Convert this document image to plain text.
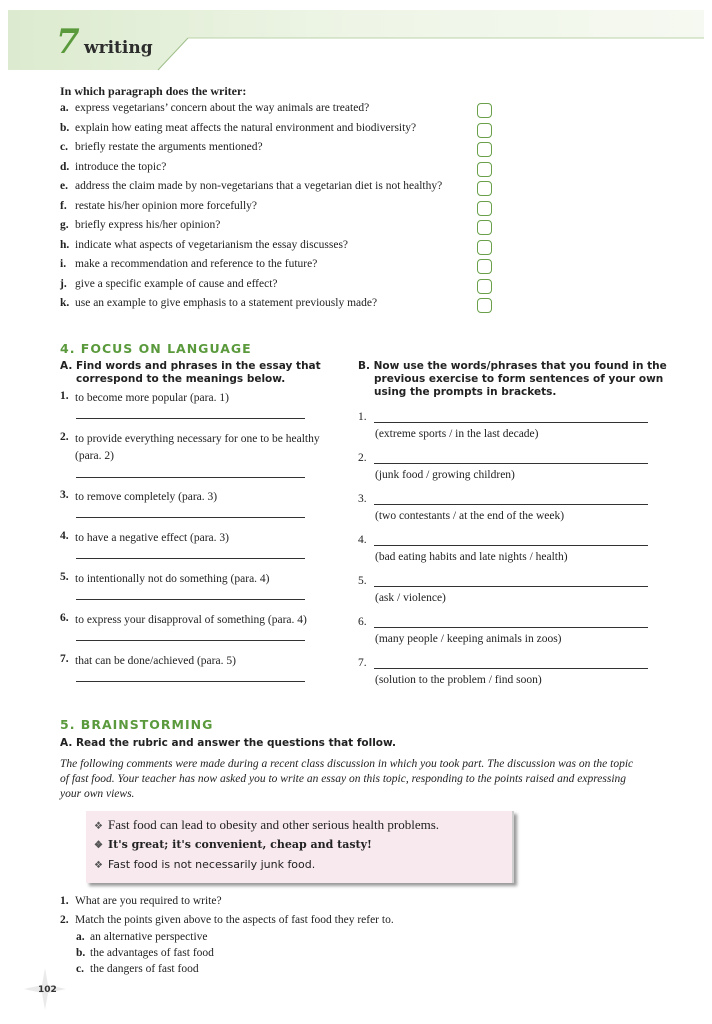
7 writing
In which paragraph does the writer:
a. express vegetarians’ concern about the way animals are treated?
b. explain how eating meat affects the natural environment and biodiversity?
c. briefly restate the arguments mentioned?
d. introduce the topic?
e. address the claim made by non-vegetarians that a vegetarian diet is not healthy?
f. restate his/her opinion more forcefully?
g. briefly express his/her opinion?
h. indicate what aspects of vegetarianism the essay discusses?
i. make a recommendation and reference to the future?
j. give a specific example of cause and effect?
k. use an example to give emphasis to a statement previously made?
4. FOCUS ON LANGUAGE
A. Find words and phrases in the essay that
correspond to the meanings below.
1. to become more popular (para. 1)
2. to provide everything necessary for one to be healthy (para. 2)
3. to remove completely (para. 3)
4. to have a negative effect (para. 3)
5. to intentionally not do something (para. 4)
6. to express your disapproval of something (para. 4)
7. that can be done/achieved (para. 5)
B. Now use the words/phrases that you found in the
previous exercise to form sentences of your own
using the prompts in brackets.
1.
(extreme sports / in the last decade)
2.
(junk food / growing children)
3.
(two contestants / at the end of the week)
4.
(bad eating habits and late nights / health)
5.
(ask / violence)
6.
(many people / keeping animals in zoos)
7.
(solution to the problem / find soon)
5. BRAINSTORMING
A. Read the rubric and answer the questions that follow.
The following comments were made during a recent class discussion in which you took part. The discussion was on the topic
of fast food. Your teacher has now asked you to write an essay on this topic, responding to the points raised and expressing
your own views.
❖ Fast food can lead to obesity and other serious health problems.
❖ It's great; it's convenient, cheap and tasty!
❖ Fast food is not necessarily junk food.
1. What are you required to write?
2. Match the points given above to the aspects of fast food they refer to.
a. an alternative perspective
b. the advantages of fast food
c. the dangers of fast food
102
